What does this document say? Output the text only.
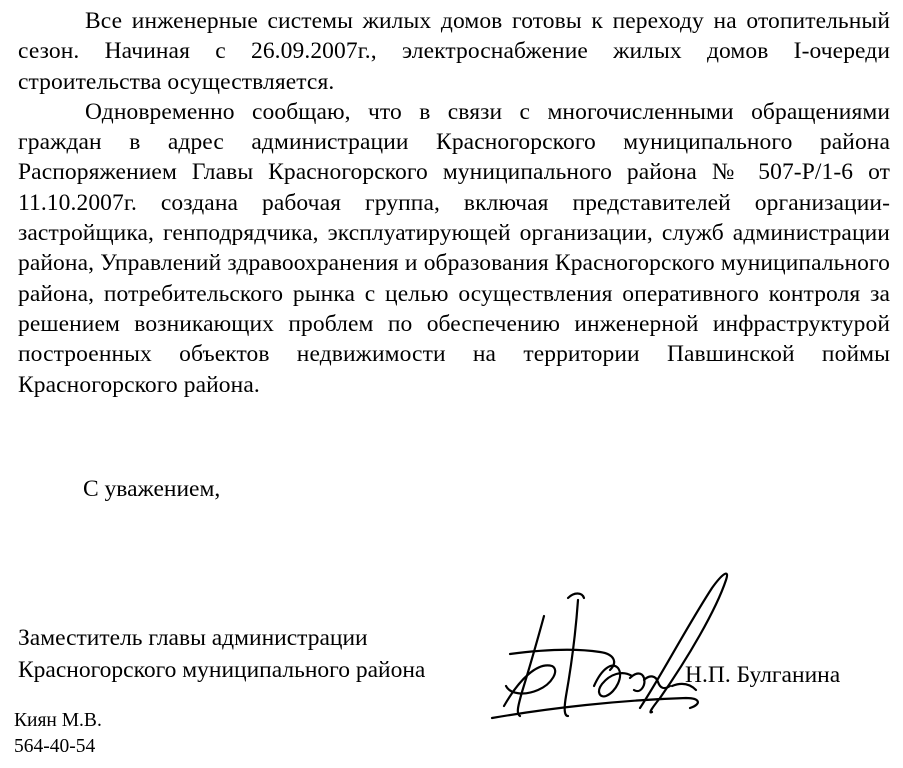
Все инженерные системы жилых домов готовы к переходу на отопительный сезон. Начиная с 26.09.2007г., электроснабжение жилых домов I-очереди строительства осуществляется.

Одновременно сообщаю, что в связи с многочисленными обращениями граждан в адрес администрации Красногорского муниципального района Распоряжением Главы Красногорского муниципального района № 507-Р/1-6 от 11.10.2007г. создана рабочая группа, включая представителей организации- застройщика, генподрядчика, эксплуатирующей организации, служб администрации района, Управлений здравоохранения и образования Красногорского муниципального района, потребительского рынка с целью осуществления оперативного контроля за решением возникающих проблем по обеспечению инженерной инфраструктурой построенных объектов недвижимости на территории Павшинской поймы Красногорского района.

С уважением,
Заместитель главы администрации
Красногорского муниципального района	Н.П. Булганина
Киян М.В.
564-40-54
